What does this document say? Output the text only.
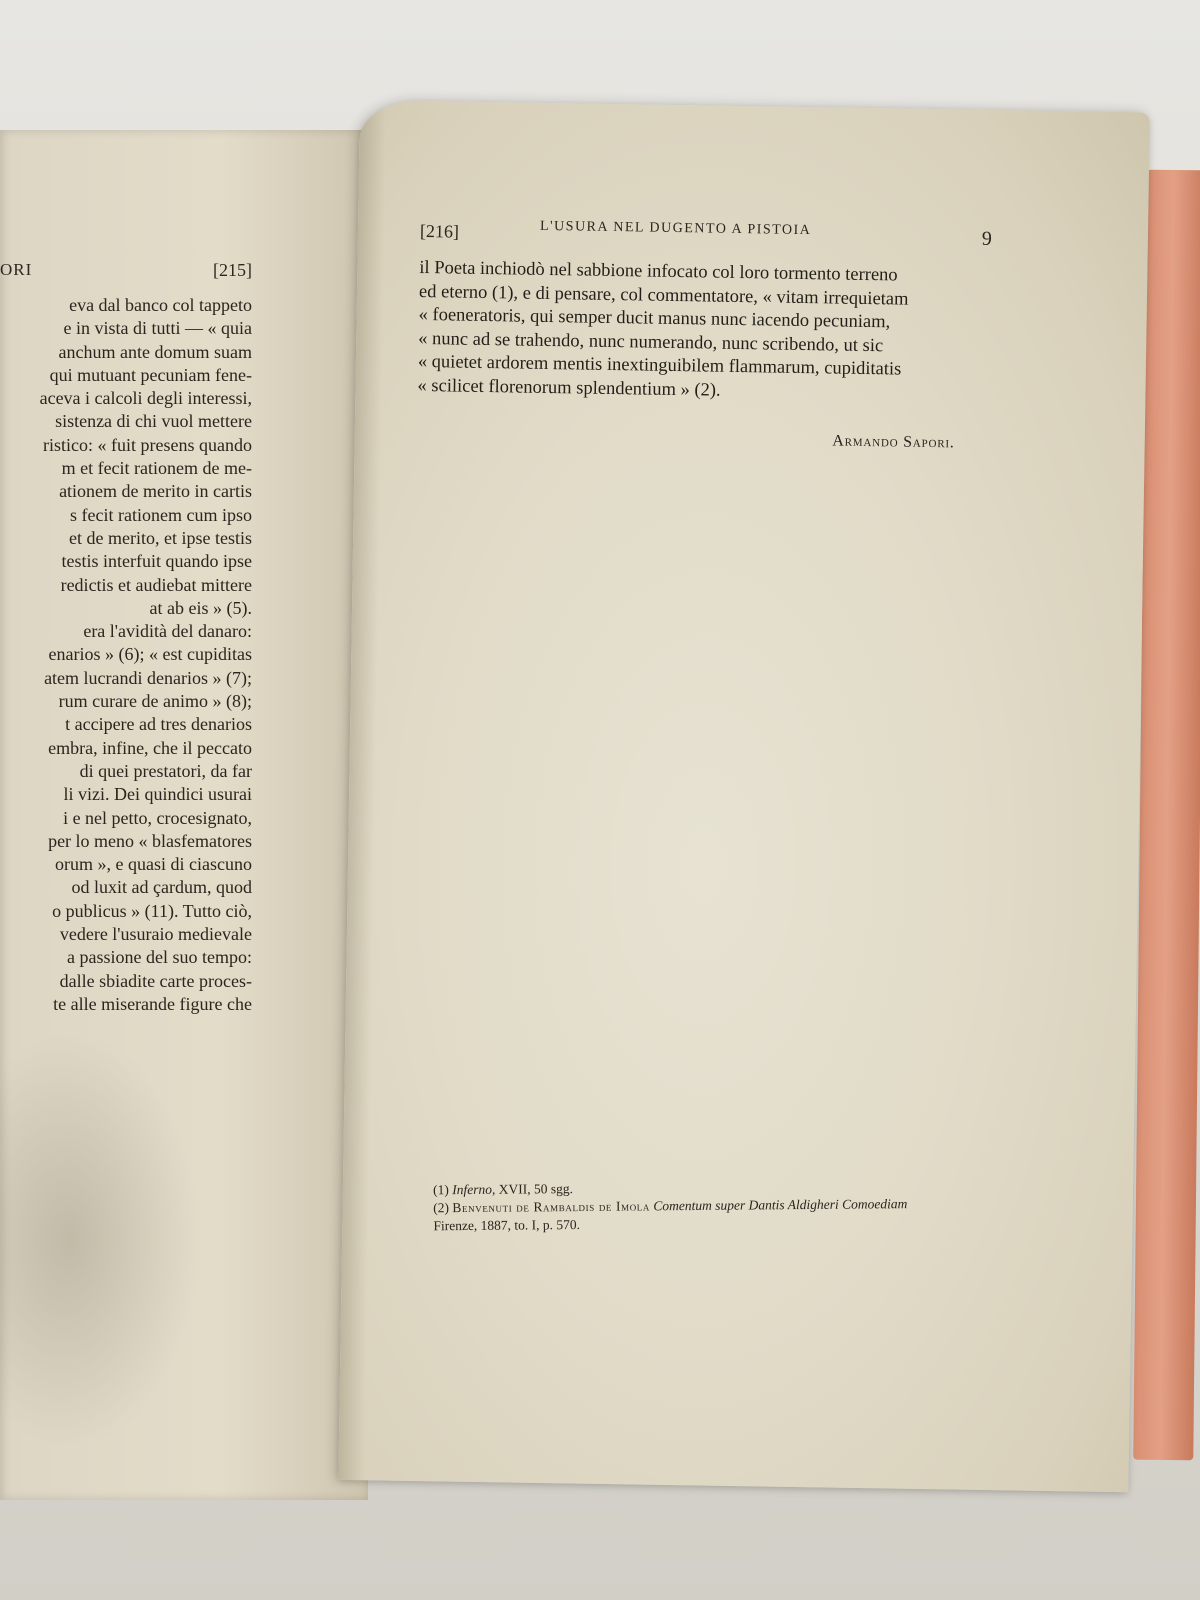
ORI	[215]
eva dal banco col tappeto
e in vista di tutti — « quia
anchum ante domum suam
qui mutuant pecuniam fene-
aceva i calcoli degli interessi,
sistenza di chi vuol mettere
ristico: « fuit presens quando
m et fecit rationem de me-
ationem de merito in cartis
s fecit rationem cum ipso
et de merito, et ipse testis
testis interfuit quando ipse
redictis et audiebat mittere
at ab eis » (5).
era l'avidità del danaro:
enarios » (6); « est cupiditas
atem lucrandi denarios » (7);
rum curare de animo » (8);
t accipere ad tres denarios
embra, infine, che il peccato
di quei prestatori, da far
li vizi. Dei quindici usurai
i e nel petto, crocesignato,
per lo meno « blasfematores
orum », e quasi di ciascuno
od luxit ad çardum, quod
o publicus » (11). Tutto ciò,
vedere l'usuraio medievale
a passione del suo tempo:
dalle sbiadite carte proces-
te alle miserande figure che
[216]	L'USURA NEL DUGENTO A PISTOIA	9
il Poeta inchiodò nel sabbione infocato col loro tormento terreno
ed eterno (1), e di pensare, col commentatore, « vitam irrequietam
« foeneratoris, qui semper ducit manus nunc iacendo pecuniam,
« nunc ad se trahendo, nunc numerando, nunc scribendo, ut sic
« quietet ardorem mentis inextinguibilem flammarum, cupiditatis
« scilicet florenorum splendentium » (2).
Armando Sapori.
(1) Inferno, XVII, 50 sgg.
(2) Benvenuti de Rambaldis de Imola Comentum super Dantis Aldigheri Comoediam
Firenze, 1887, to. I, p. 570.
